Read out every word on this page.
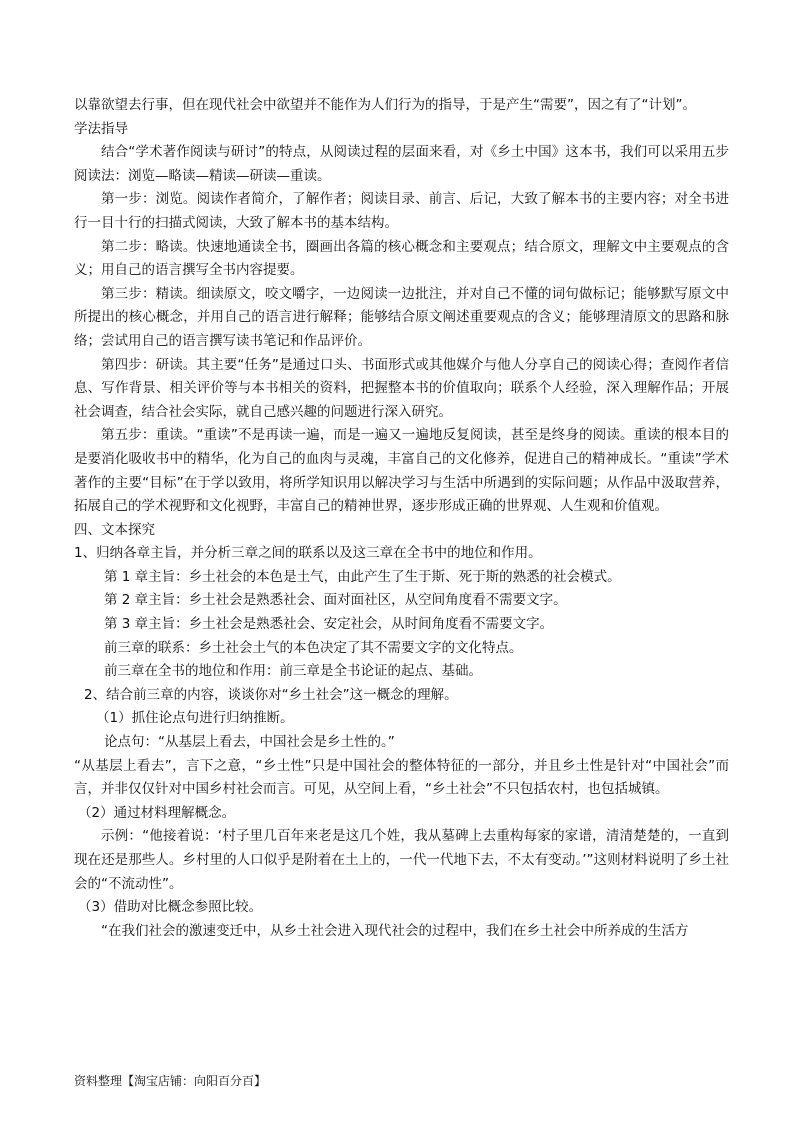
以靠欲望去行事，但在现代社会中欲望并不能作为人们行为的指导，于是产生“需要”，因之有了“计划”。

学法指导

结合“学术著作阅读与研讨”的特点，从阅读过程的层面来看，对《乡土中国》这本书，我们可以采用五步阅读法：浏览—略读—精读—研读—重读。

第一步：浏览。阅读作者简介，了解作者；阅读目录、前言、后记，大致了解本书的主要内容；对全书进行一目十行的扫描式阅读，大致了解本书的基本结构。

第二步：略读。快速地通读全书，圈画出各篇的核心概念和主要观点；结合原文，理解文中主要观点的含义；用自己的语言撰写全书内容提要。

第三步：精读。细读原文，咬文嚼字，一边阅读一边批注，并对自己不懂的词句做标记；能够默写原文中所提出的核心概念，并用自己的语言进行解释；能够结合原文阐述重要观点的含义；能够理清原文的思路和脉络；尝试用自己的语言撰写读书笔记和作品评价。

第四步：研读。其主要“任务”是通过口头、书面形式或其他媒介与他人分享自己的阅读心得；查阅作者信息、写作背景、相关评价等与本书相关的资料，把握整本书的价值取向；联系个人经验，深入理解作品；开展社会调查，结合社会实际，就自己感兴趣的问题进行深入研究。

第五步：重读。“重读”不是再读一遍，而是一遍又一遍地反复阅读，甚至是终身的阅读。重读的根本目的是要消化吸收书中的精华，化为自己的血肉与灵魂，丰富自己的文化修养，促进自己的精神成长。“重读”学术著作的主要“目标”在于学以致用，将所学知识用以解决学习与生活中所遇到的实际问题；从作品中汲取营养，拓展自己的学术视野和文化视野，丰富自己的精神世界，逐步形成正确的世界观、人生观和价值观。

四、文本探究

1、归纳各章主旨，并分析三章之间的联系以及这三章在全书中的地位和作用。

第 1 章主旨：乡土社会的本色是土气，由此产生了生于斯、死于斯的熟悉的社会模式。

第 2 章主旨：乡土社会是熟悉社会、面对面社区，从空间角度看不需要文字。

第 3 章主旨：乡土社会是熟悉社会、安定社会，从时间角度看不需要文字。

前三章的联系：乡土社会土气的本色决定了其不需要文字的文化特点。

前三章在全书的地位和作用：前三章是全书论证的起点、基础。

2、结合前三章的内容，谈谈你对“乡土社会”这一概念的理解。

（1）抓住论点句进行归纳推断。

论点句：“从基层上看去，中国社会是乡土性的。”

“从基层上看去”，言下之意，“乡土性”只是中国社会的整体特征的一部分，并且乡土性是针对“中国社会”而言，并非仅仅针对中国乡村社会而言。可见，从空间上看，“乡土社会”不只包括农村，也包括城镇。

（2）通过材料理解概念。

示例：“他接着说：‘村子里几百年来老是这几个姓，我从墓碑上去重构每家的家谱，清清楚楚的，一直到现在还是那些人。乡村里的人口似乎是附着在土上的，一代一代地下去，不太有变动。’”这则材料说明了乡土社会的“不流动性”。

（3）借助对比概念参照比较。

“在我们社会的激速变迁中，从乡土社会进入现代社会的过程中，我们在乡土社会中所养成的生活方

资料整理【淘宝店铺：向阳百分百】
